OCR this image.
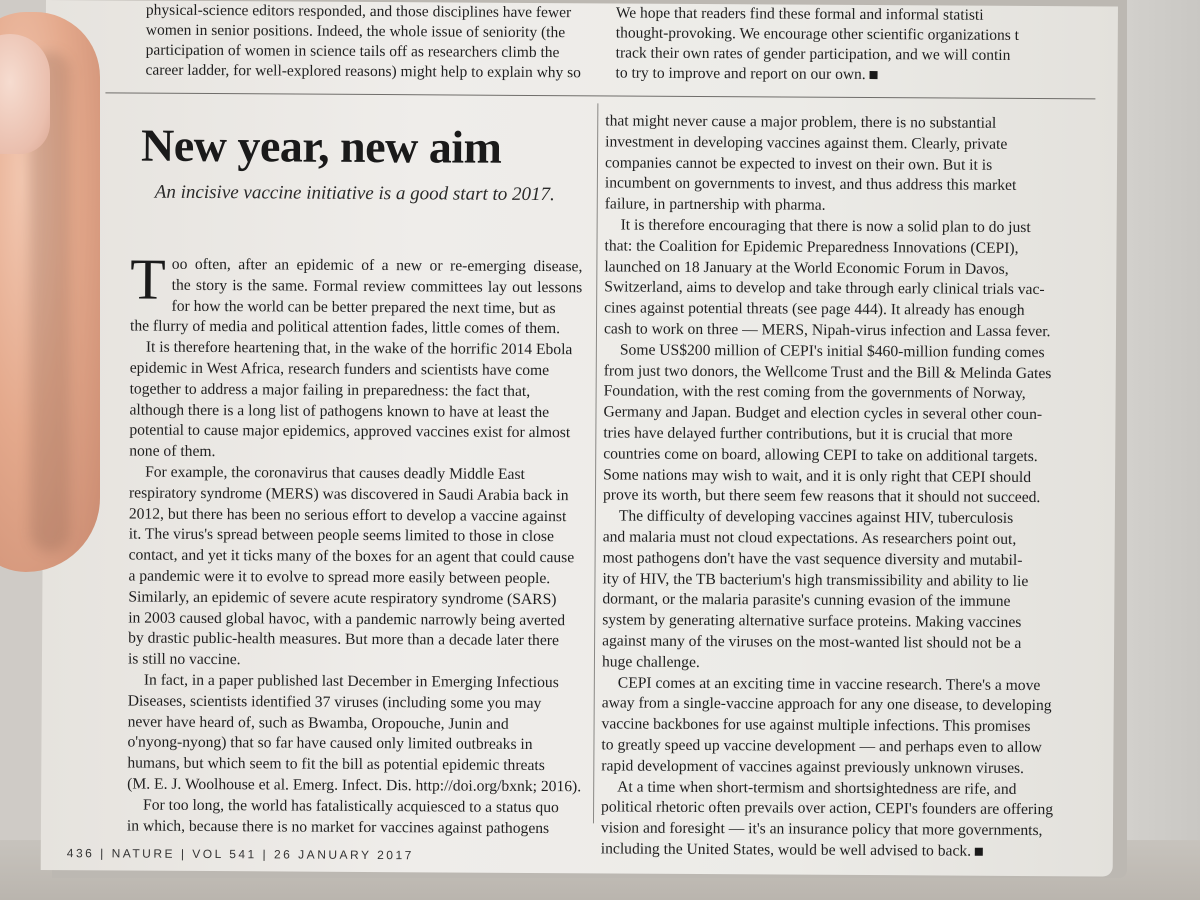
physical-science editors responded, and those disciplines have fewer
women in senior positions. Indeed, the whole issue of seniority (the
participation of women in science tails off as researchers climb the
career ladder, for well-explored reasons) might help to explain why so
We hope that readers find these formal and informal statisti
thought-provoking. We encourage other scientific organizations t
track their own rates of gender participation, and we will contin
to try to improve and report on our own.
New year, new aim
An incisive vaccine initiative is a good start to 2017.
T oo often, after an epidemic of a new or re-emerging disease,
the story is the same. Formal review committees lay out lessons
for how the world can be better prepared the next time, but as
the flurry of media and political attention fades, little comes of them.
It is therefore heartening that, in the wake of the horrific 2014 Ebola
epidemic in West Africa, research funders and scientists have come
together to address a major failing in preparedness: the fact that,
although there is a long list of pathogens known to have at least the
potential to cause major epidemics, approved vaccines exist for almost
none of them.
For example, the coronavirus that causes deadly Middle East
respiratory syndrome (MERS) was discovered in Saudi Arabia back in
2012, but there has been no serious effort to develop a vaccine against
it. The virus's spread between people seems limited to those in close
contact, and yet it ticks many of the boxes for an agent that could cause
a pandemic were it to evolve to spread more easily between people.
Similarly, an epidemic of severe acute respiratory syndrome (SARS)
in 2003 caused global havoc, with a pandemic narrowly being averted
by drastic public-health measures. But more than a decade later there
is still no vaccine.
In fact, in a paper published last December in Emerging Infectious
Diseases, scientists identified 37 viruses (including some you may
never have heard of, such as Bwamba, Oropouche, Junin and
o'nyong-nyong) that so far have caused only limited outbreaks in
humans, but which seem to fit the bill as potential epidemic threats
(M. E. J. Woolhouse et al. Emerg. Infect. Dis. http://doi.org/bxnk; 2016).
For too long, the world has fatalistically acquiesced to a status quo
in which, because there is no market for vaccines against pathogens
that might never cause a major problem, there is no substantial
investment in developing vaccines against them. Clearly, private
companies cannot be expected to invest on their own. But it is
incumbent on governments to invest, and thus address this market
failure, in partnership with pharma.
It is therefore encouraging that there is now a solid plan to do just
that: the Coalition for Epidemic Preparedness Innovations (CEPI),
launched on 18 January at the World Economic Forum in Davos,
Switzerland, aims to develop and take through early clinical trials vac-
cines against potential threats (see page 444). It already has enough
cash to work on three — MERS, Nipah-virus infection and Lassa fever.
Some US$200 million of CEPI's initial $460-million funding comes
from just two donors, the Wellcome Trust and the Bill & Melinda Gates
Foundation, with the rest coming from the governments of Norway,
Germany and Japan. Budget and election cycles in several other coun-
tries have delayed further contributions, but it is crucial that more
countries come on board, allowing CEPI to take on additional targets.
Some nations may wish to wait, and it is only right that CEPI should
prove its worth, but there seem few reasons that it should not succeed.
The difficulty of developing vaccines against HIV, tuberculosis
and malaria must not cloud expectations. As researchers point out,
most pathogens don't have the vast sequence diversity and mutabil-
ity of HIV, the TB bacterium's high transmissibility and ability to lie
dormant, or the malaria parasite's cunning evasion of the immune
system by generating alternative surface proteins. Making vaccines
against many of the viruses on the most-wanted list should not be a
huge challenge.
CEPI comes at an exciting time in vaccine research. There's a move
away from a single-vaccine approach for any one disease, to developing
vaccine backbones for use against multiple infections. This promises
to greatly speed up vaccine development — and perhaps even to allow
rapid development of vaccines against previously unknown viruses.
At a time when short-termism and shortsightedness are rife, and
political rhetoric often prevails over action, CEPI's founders are offering
vision and foresight — it's an insurance policy that more governments,
including the United States, would be well advised to back.
436 | NATURE | VOL 541 | 26 JANUARY 2017
